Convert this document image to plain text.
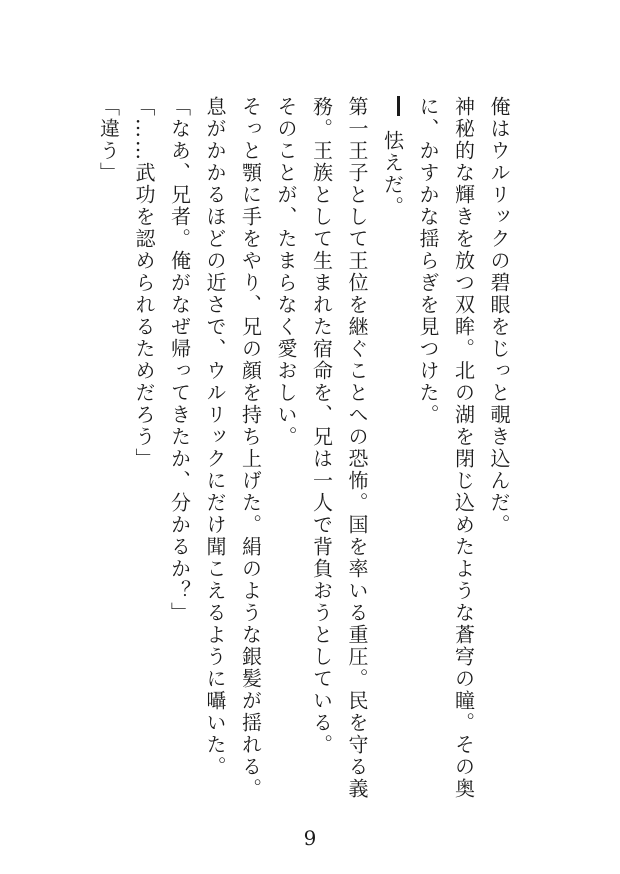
俺はウルリックの碧眼をじっと覗き込んだ。
神秘的な輝きを放つ双眸。北の湖を閉じ込めたような蒼穹の瞳。その奥
に、かすかな揺らぎを見つけた。
怯えだ。
第一王子として王位を継ぐことへの恐怖。国を率いる重圧。民を守る義
務。王族として生まれた宿命を、兄は一人で背負おうとしている。
そのことが、たまらなく愛おしい。
そっと顎に手をやり、兄の顔を持ち上げた。絹のような銀髪が揺れる。
息がかかるほどの近さで、ウルリックにだけ聞こえるように囁いた。
「なあ、兄者。俺がなぜ帰ってきたか、分かるか？」
「……武功を認められるためだろう」
「違う」
9
